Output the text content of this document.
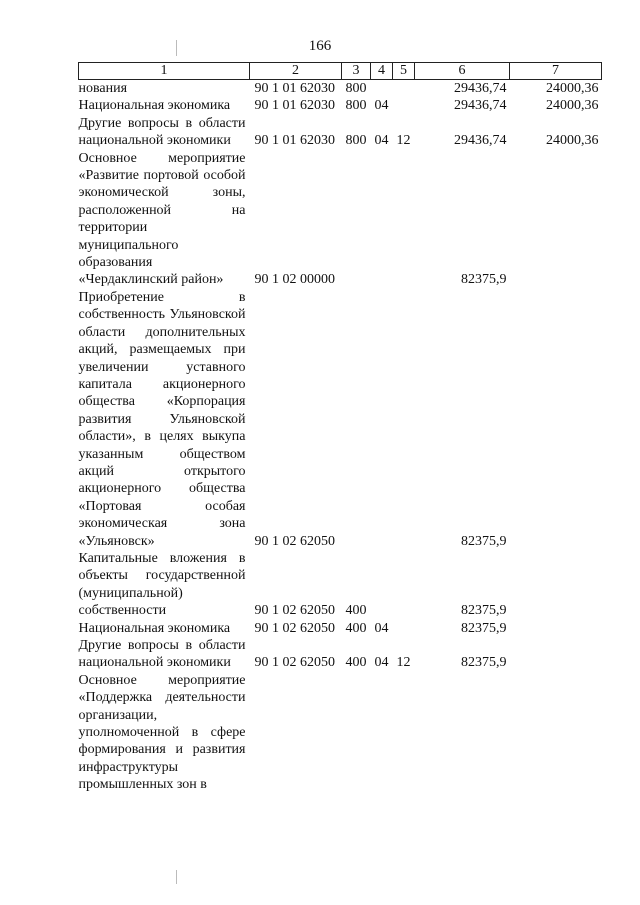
166
1	2	3	4	5	6	7
нования	90 1 01 62030	800			29436,74	24000,36
Национальная экономика	90 1 01 62030	800	04		29436,74	24000,36
Другие вопросы в области национальной экономики	90 1 01 62030	800	04	12	29436,74	24000,36
Основное мероприятие «Развитие портовой особой экономической зоны, расположенной на территории муниципального образования «Чердаклинский район»	90 1 02 00000				82375,9	
Приобретение в собственность Ульяновской области дополнительных акций, размещаемых при увеличении уставного капитала акционерного общества «Корпорация развития Ульяновской области», в целях выкупа указанным обществом акций открытого акционерного общества «Портовая особая экономическая зона «Ульяновск»	90 1 02 62050				82375,9	
Капитальные вложения в объекты государственной (муниципальной) собственности	90 1 02 62050	400			82375,9	
Национальная экономика	90 1 02 62050	400	04		82375,9	
Другие вопросы в области национальной экономики	90 1 02 62050	400	04	12	82375,9	
Основное мероприятие «Поддержка деятельности организации, уполномоченной в сфере формирования и развития инфраструктуры промышленных зон в						
